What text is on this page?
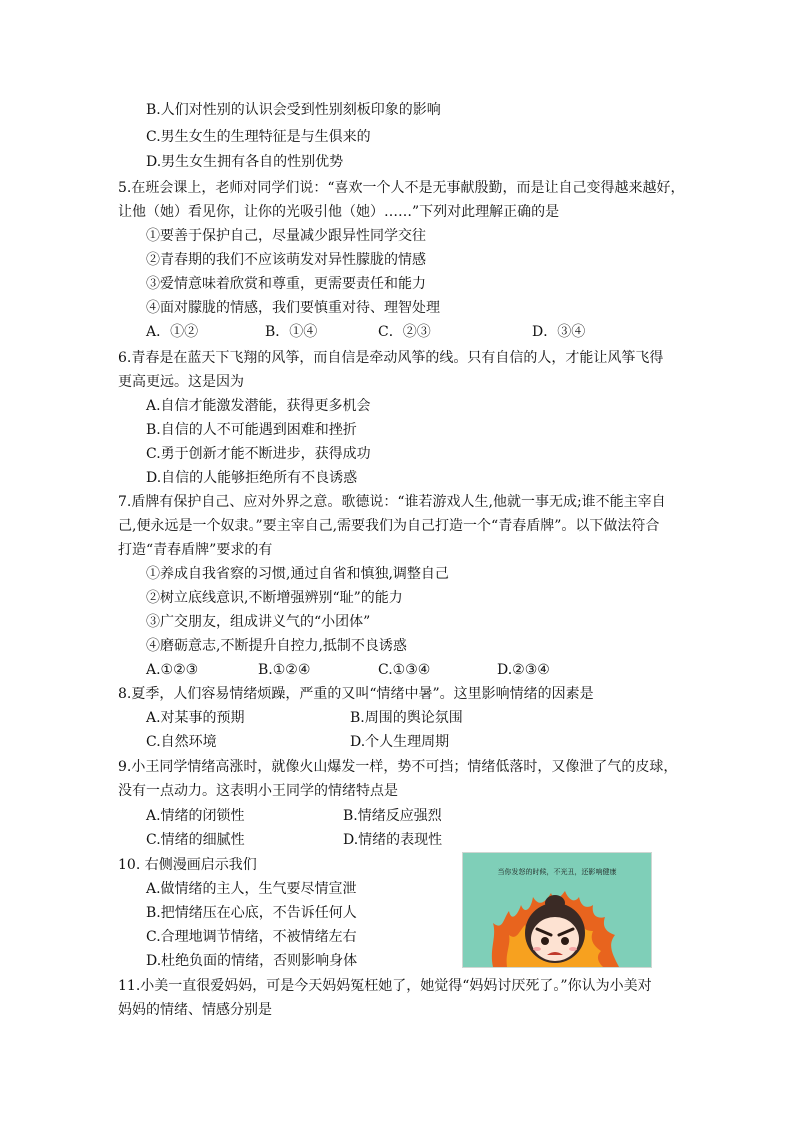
B.人们对性别的认识会受到性别刻板印象的影响
C.男生女生的生理特征是与生俱来的
D.男生女生拥有各自的性别优势
5.在班会课上，老师对同学们说：“喜欢一个人不是无事献殷勤，而是让自己变得越来越好，
让他（她）看见你，让你的光吸引他（她）……”下列对此理解正确的是
①要善于保护自己，尽量减少跟异性同学交往
②青春期的我们不应该萌发对异性朦胧的情感
③爱情意味着欣赏和尊重，更需要责任和能力
④面对朦胧的情感，我们要慎重对待、理智处理
A．①②	B．①④	C．②③	D．③④
6.青春是在蓝天下飞翔的风筝，而自信是牵动风筝的线。只有自信的人，才能让风筝飞得
更高更远。这是因为
A.自信才能激发潜能，获得更多机会
B.自信的人不可能遇到困难和挫折
C.勇于创新才能不断进步，获得成功
D.自信的人能够拒绝所有不良诱惑
7.盾牌有保护自己、应对外界之意。歌德说：“谁若游戏人生,他就一事无成;谁不能主宰自
己,便永远是一个奴隶。”要主宰自己,需要我们为自己打造一个“青春盾牌”。以下做法符合
打造“青春盾牌”要求的有
①养成自我省察的习惯,通过自省和慎独,调整自己
②树立底线意识,不断增强辨别“耻”的能力
③广交朋友，组成讲义气的“小团体”
④磨砺意志,不断提升自控力,抵制不良诱惑
A.①②③	B.①②④	C.①③④	D.②③④
8.夏季，人们容易情绪烦躁，严重的又叫“情绪中暑”。这里影响情绪的因素是
A.对某事的预期	B.周围的舆论氛围
C.自然环境	D.个人生理周期
9.小王同学情绪高涨时，就像火山爆发一样，势不可挡；情绪低落时，又像泄了气的皮球，
没有一点动力。这表明小王同学的情绪特点是
A.情绪的闭锁性	B.情绪反应强烈
C.情绪的细腻性	D.情绪的表现性
10. 右侧漫画启示我们
A.做情绪的主人，生气要尽情宣泄
B.把情绪压在心底，不告诉任何人
C.合理地调节情绪，不被情绪左右
D.杜绝负面的情绪，否则影响身体
当你发怒的时候，不光丑，还影响健康
11.小美一直很爱妈妈，可是今天妈妈冤枉她了，她觉得“妈妈讨厌死了。”你认为小美对
妈妈的情绪、情感分别是
